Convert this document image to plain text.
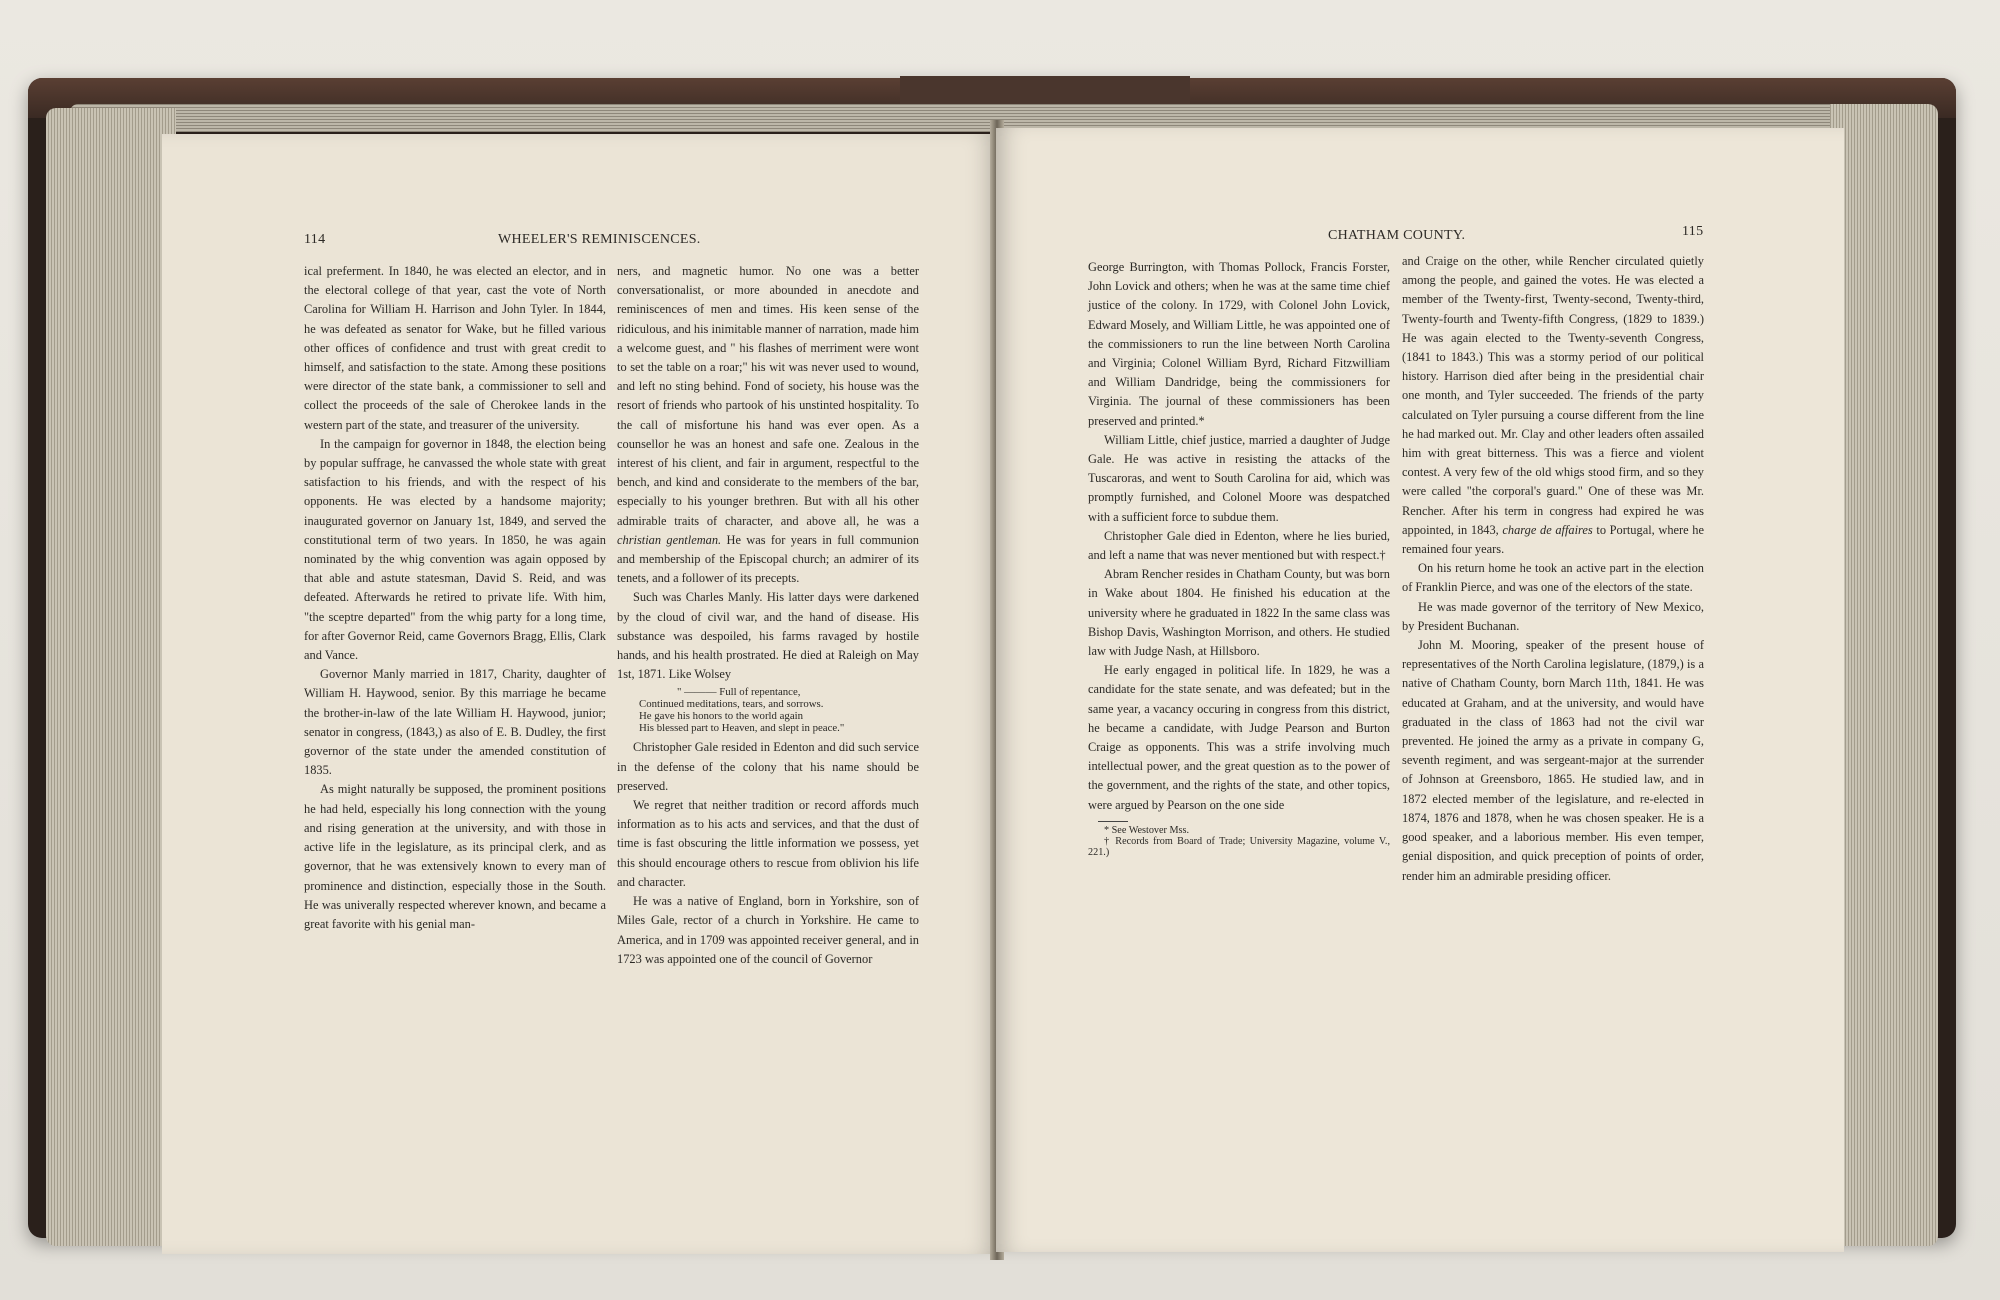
114	WHEELER'S REMINISCENCES.

ical preferment. In 1840, he was elected an elector, and in the electoral college of that year, cast the vote of North Carolina for William H. Harrison and John Tyler. In 1844, he was defeated as senator for Wake, but he filled various other offices of confidence and trust with great credit to himself, and satisfaction to the state. Among these positions were director of the state bank, a commissioner to sell and collect the proceeds of the sale of Cherokee lands in the western part of the state, and treasurer of the university.

In the campaign for governor in 1848, the election being by popular suffrage, he canvassed the whole state with great satisfaction to his friends, and with the respect of his opponents. He was elected by a handsome majority; inaugurated governor on January 1st, 1849, and served the constitutional term of two years. In 1850, he was again nominated by the whig convention was again opposed by that able and astute statesman, David S. Reid, and was defeated. Afterwards he retired to private life. With him, "the sceptre departed" from the whig party for a long time, for after Governor Reid, came Governors Bragg, Ellis, Clark and Vance.

Governor Manly married in 1817, Charity, daughter of William H. Haywood, senior. By this marriage he became the brother-in-law of the late William H. Haywood, junior; senator in congress, (1843,) as also of E. B. Dudley, the first governor of the state under the amended constitution of 1835.

As might naturally be supposed, the prominent positions he had held, especially his long connection with the young and rising generation at the university, and with those in active life in the legislature, as its principal clerk, and as governor, that he was extensively known to every man of prominence and distinction, especially those in the South. He was univerally respected wherever known, and became a great favorite with his genial man-

ners, and magnetic humor. No one was a better conversationalist, or more abounded in anecdote and reminiscences of men and times. His keen sense of the ridiculous, and his inimitable manner of narration, made him a welcome guest, and " his flashes of merriment were wont to set the table on a roar;" his wit was never used to wound, and left no sting behind. Fond of society, his house was the resort of friends who partook of his unstinted hospitality. To the call of misfortune his hand was ever open. As a counsellor he was an honest and safe one. Zealous in the interest of his client, and fair in argument, respectful to the bench, and kind and considerate to the members of the bar, especially to his younger brethren. But with all his other admirable traits of character, and above all, he was a christian gentleman. He was for years in full communion and membership of the Episcopal church; an admirer of its tenets, and a follower of its precepts.

Such was Charles Manly. His latter days were darkened by the cloud of civil war, and the hand of disease. His substance was despoiled, his farms ravaged by hostile hands, and his health prostrated. He died at Raleigh on May 1st, 1871. Like Wolsey

" ——— Full of repentance,
Continued meditations, tears, and sorrows.
He gave his honors to the world again
His blessed part to Heaven, and slept in peace."

Christopher Gale resided in Edenton and did such service in the defense of the colony that his name should be preserved.

We regret that neither tradition or record affords much information as to his acts and services, and that the dust of time is fast obscuring the little information we possess, yet this should encourage others to rescue from oblivion his life and character.

He was a native of England, born in Yorkshire, son of Miles Gale, rector of a church in Yorkshire. He came to America, and in 1709 was appointed receiver general, and in 1723 was appointed one of the council of Governor

CHATHAM COUNTY.	115

George Burrington, with Thomas Pollock, Francis Forster, John Lovick and others; when he was at the same time chief justice of the colony. In 1729, with Colonel John Lovick, Edward Mosely, and William Little, he was appointed one of the commissioners to run the line between North Carolina and Virginia; Colonel William Byrd, Richard Fitzwilliam and William Dandridge, being the commissioners for Virginia. The journal of these commissioners has been preserved and printed.*

William Little, chief justice, married a daughter of Judge Gale. He was active in resisting the attacks of the Tuscaroras, and went to South Carolina for aid, which was promptly furnished, and Colonel Moore was despatched with a sufficient force to subdue them.

Christopher Gale died in Edenton, where he lies buried, and left a name that was never mentioned but with respect.†

Abram Rencher resides in Chatham County, but was born in Wake about 1804. He finished his education at the university where he graduated in 1822 In the same class was Bishop Davis, Washington Morrison, and others. He studied law with Judge Nash, at Hillsboro.

He early engaged in political life. In 1829, he was a candidate for the state senate, and was defeated; but in the same year, a vacancy occuring in congress from this district, he became a candidate, with Judge Pearson and Burton Craige as opponents. This was a strife involving much intellectual power, and the great question as to the power of the government, and the rights of the state, and other topics, were argued by Pearson on the one side

* See Westover Mss.

† Records from Board of Trade; University Magazine, volume V., 221.)

and Craige on the other, while Rencher circulated quietly among the people, and gained the votes. He was elected a member of the Twenty-first, Twenty-second, Twenty-third, Twenty-fourth and Twenty-fifth Congress, (1829 to 1839.) He was again elected to the Twenty-seventh Congress, (1841 to 1843.) This was a stormy period of our political history. Harrison died after being in the presidential chair one month, and Tyler succeeded. The friends of the party calculated on Tyler pursuing a course different from the line he had marked out. Mr. Clay and other leaders often assailed him with great bitterness. This was a fierce and violent contest. A very few of the old whigs stood firm, and so they were called "the corporal's guard." One of these was Mr. Rencher. After his term in congress had expired he was appointed, in 1843, charge de affaires to Portugal, where he remained four years.

On his return home he took an active part in the election of Franklin Pierce, and was one of the electors of the state.

He was made governor of the territory of New Mexico, by President Buchanan.

John M. Mooring, speaker of the present house of representatives of the North Carolina legislature, (1879,) is a native of Chatham County, born March 11th, 1841. He was educated at Graham, and at the university, and would have graduated in the class of 1863 had not the civil war prevented. He joined the army as a private in company G, seventh regiment, and was sergeant-major at the surrender of Johnson at Greensboro, 1865. He studied law, and in 1872 elected member of the legislature, and re-elected in 1874, 1876 and 1878, when he was chosen speaker. He is a good speaker, and a laborious member. His even temper, genial disposition, and quick preception of points of order, render him an admirable presiding officer.
